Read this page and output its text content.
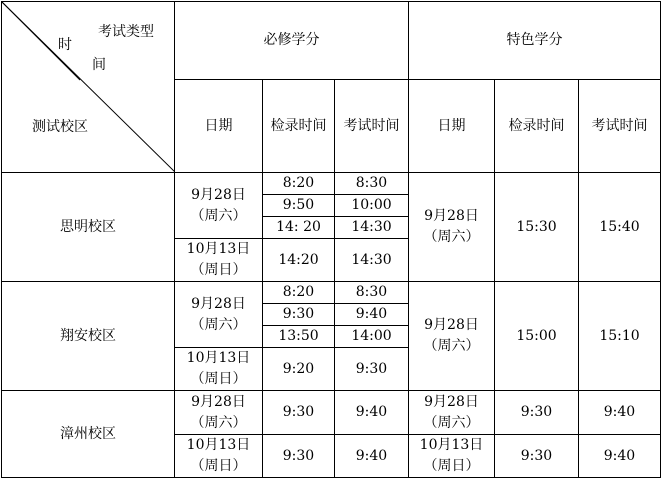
考试类型
时
间
测试校区	必修学分			特色学分		
	日期	检录时间	考试时间	日期	检录时间	考试时间
思明校区	9月28日（周六）	8:20	8:30	9月28日（周六）	15:30	15:40
		9:50	10:00			
		14: 20	14:30			
	10月13日（周日）	14:20	14:30			
翔安校区	9月28日（周六）	8:20	8:30	9月28日（周六）	15:00	15:10
		9:30	9:40			
		13:50	14:00			
	10月13日（周日）	9:20	9:30			
漳州校区	9月28日（周六）	9:30	9:40	9月28日（周六）	9:30	9:40
	10月13日（周日）	9:30	9:40	10月13日（周日）	9:30	9:40
